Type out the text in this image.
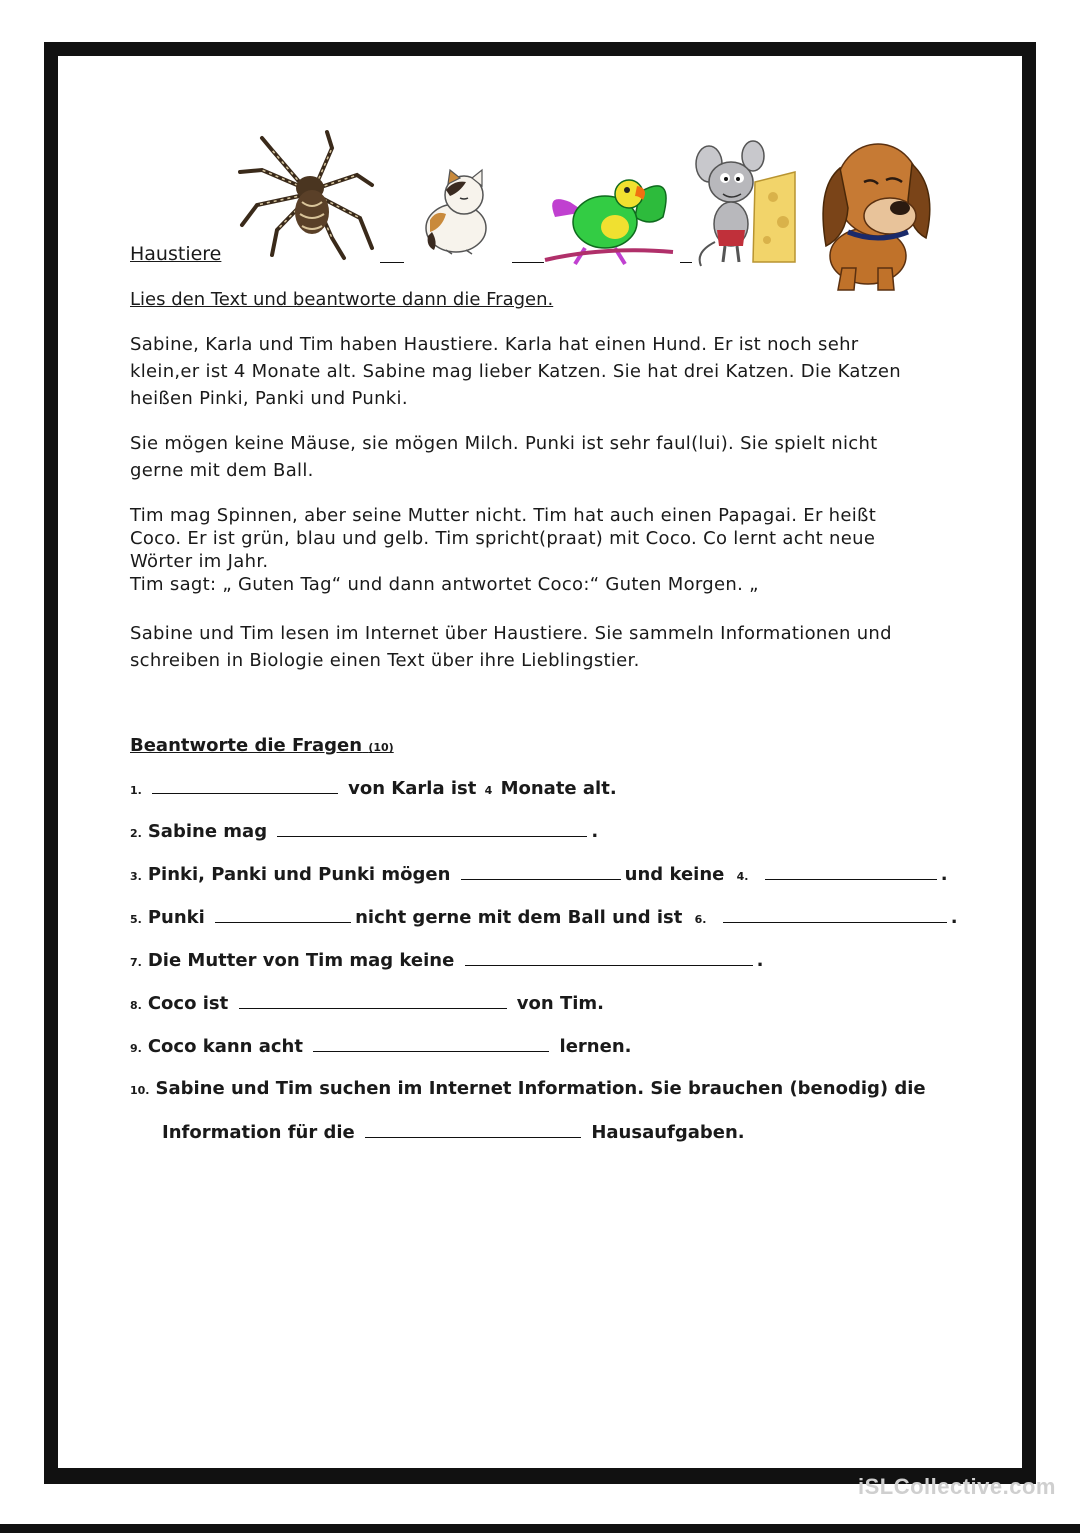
Haustiere
Lies den Text und beantworte dann die Fragen.
Sabine, Karla und Tim haben Haustiere. Karla hat einen Hund. Er ist noch sehr
klein,er ist 4 Monate alt. Sabine mag lieber Katzen. Sie hat drei Katzen. Die Katzen
heißen Pinki, Panki und Punki.
Sie mögen keine Mäuse, sie mögen Milch. Punki ist sehr faul(lui). Sie spielt nicht
gerne mit dem Ball.
Tim mag Spinnen, aber seine Mutter nicht. Tim hat auch einen Papagai. Er heißt
Coco. Er ist grün, blau und gelb. Tim spricht(praat) mit Coco. Co lernt acht neue
Wörter im Jahr.
Tim sagt: „ Guten Tag“ und dann antwortet Coco:“ Guten Morgen. „
Sabine und Tim lesen im Internet über Haustiere. Sie sammeln Informationen und
schreiben in Biologie einen Text über ihre Lieblingstier.
Beantworte die Fragen (10)
1.	von Karla ist 4 Monate alt.
2. Sabine mag	.
3. Pinki, Panki und Punki mögen	und keine 4.	.
5. Punki	nicht gerne mit dem Ball und ist 6.	.
7. Die Mutter von Tim mag keine	.
8. Coco ist	von Tim.
9. Coco kann acht	lernen.
10. Sabine und Tim suchen im Internet Information. Sie brauchen (benodig) die
Information für die	Hausaufgaben.
iSLCollective.com
